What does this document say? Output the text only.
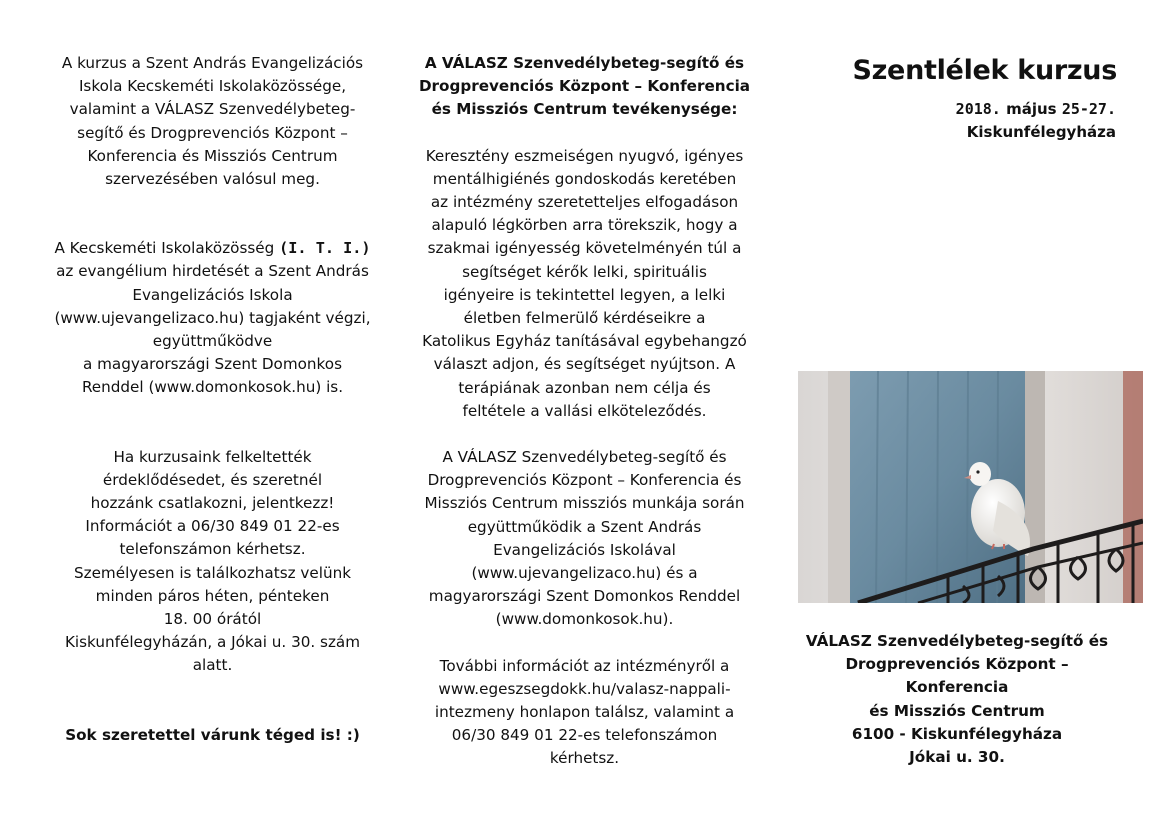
A kurzus a Szent András Evangelizációs
Iskola Kecskeméti Iskolaközössége,
valamint a VÁLASZ Szenvedélybeteg-
segítő és Drogprevenciós Központ –
Konferencia és Missziós Centrum
szervezésében valósul meg.

A Kecskeméti Iskolaközösség (I. T. I.)
az evangélium hirdetését a Szent András
Evangelizációs Iskola
(www.ujevangelizaco.hu) tagjaként végzi,
együttműködve
a magyarországi Szent Domonkos
Renddel (www.domonkosok.hu) is.

Ha kurzusaink felkeltették
érdeklődésedet, és szeretnél
hozzánk csatlakozni, jelentkezz!
Információt a 06/30 849 01 22-es
telefonszámon kérhetsz.
Személyesen is találkozhatsz velünk
minden páros héten, pénteken
18. 00 órától
Kiskunfélegyházán, a Jókai u. 30. szám
alatt.

Sok szeretettel várunk téged is! :)

A VÁLASZ Szenvedélybeteg-segítő és
Drogprevenciós Központ – Konferencia
és Missziós Centrum tevékenysége:

Keresztény eszmeiségen nyugvó, igényes
mentálhigiénés gondoskodás keretében
az intézmény szeretetteljes elfogadáson
alapuló légkörben arra törekszik, hogy a
szakmai igényesség követelményén túl a
segítséget kérők lelki, spirituális
igényeire is tekintettel legyen, a lelki
életben felmerülő kérdéseikre a
Katolikus Egyház tanításával egybehangzó
választ adjon, és segítséget nyújtson. A
terápiának azonban nem célja és
feltétele a vallási elköteleződés.

A VÁLASZ Szenvedélybeteg-segítő és
Drogprevenciós Központ – Konferencia és
Missziós Centrum missziós munkája során
együttműködik a Szent András
Evangelizációs Iskolával
(www.ujevangelizaco.hu) és a
magyarországi Szent Domonkos Renddel
(www.domonkosok.hu).

További információt az intézményről a
www.egeszsegdokk.hu/valasz-nappali-
intezmeny honlapon találsz, valamint a
06/30 849 01 22-es telefonszámon
kérhetsz.

Szentlélek kurzus
2018. május 25-27.
Kiskunfélegyháza

VÁLASZ Szenvedélybeteg-segítő és
Drogprevenciós Központ – Konferencia
és Missziós Centrum
6100 - Kiskunfélegyháza
Jókai u. 30.
